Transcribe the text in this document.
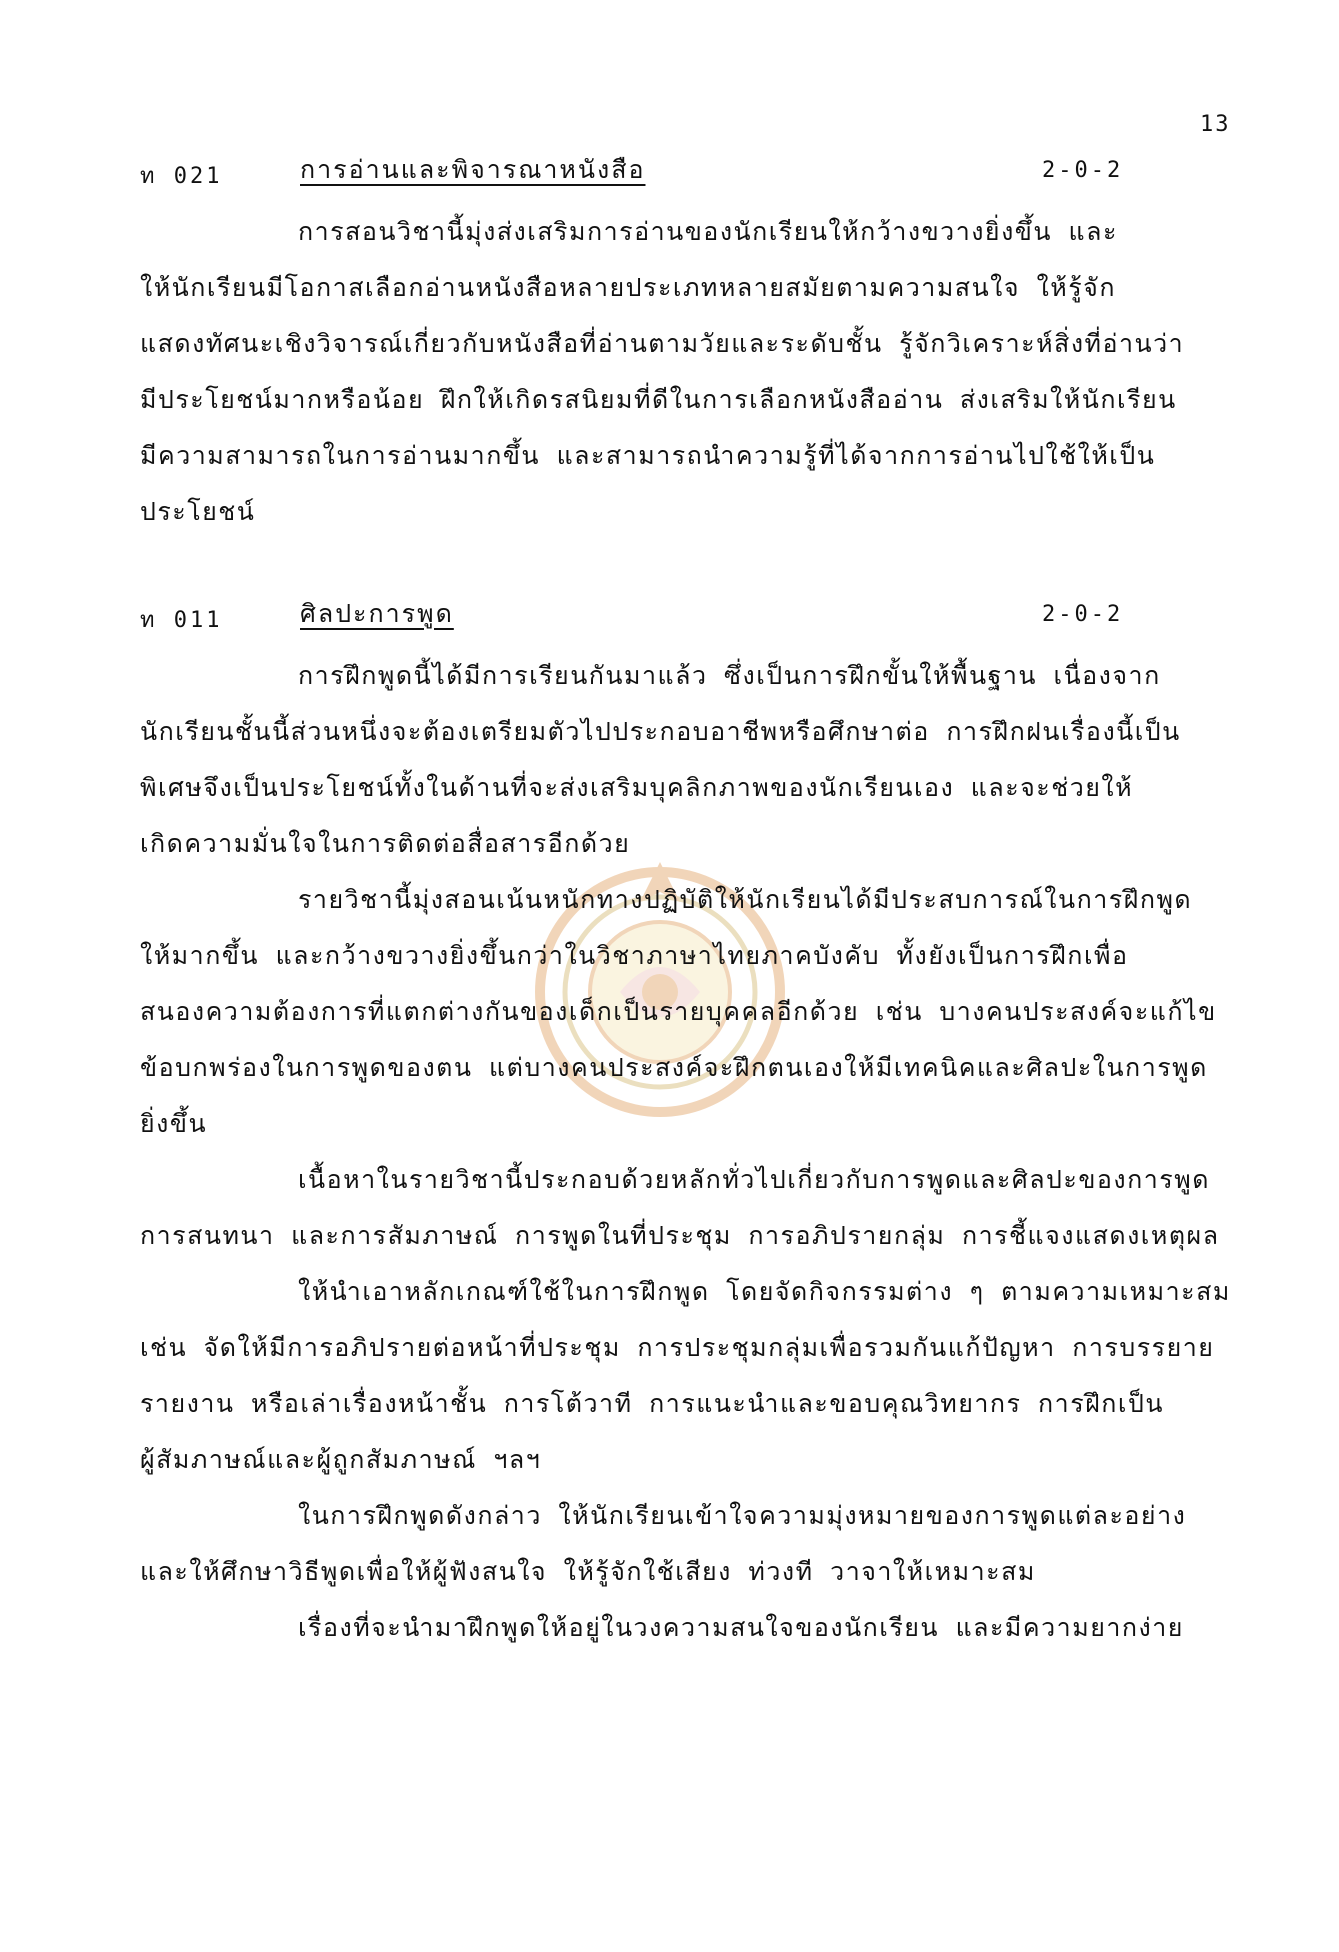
13
ท 021	การอ่านและพิจารณาหนังสือ	2-0-2
การสอนวิชานี้มุ่งส่งเสริมการอ่านของนักเรียนให้กว้างขวางยิ่งขึ้น และ
ให้นักเรียนมีโอกาสเลือกอ่านหนังสือหลายประเภทหลายสมัยตามความสนใจ ให้รู้จัก
แสดงทัศนะเชิงวิจารณ์เกี่ยวกับหนังสือที่อ่านตามวัยและระดับชั้น รู้จักวิเคราะห์สิ่งที่อ่านว่า
มีประโยชน์มากหรือน้อย ฝึกให้เกิดรสนิยมที่ดีในการเลือกหนังสืออ่าน ส่งเสริมให้นักเรียน
มีความสามารถในการอ่านมากขึ้น และสามารถนำความรู้ที่ได้จากการอ่านไปใช้ให้เป็น
ประโยชน์
ท 011	ศิลปะการพูด	2-0-2
การฝึกพูดนี้ได้มีการเรียนกันมาแล้ว ซึ่งเป็นการฝึกขั้นให้พื้นฐาน เนื่องจาก
นักเรียนชั้นนี้ส่วนหนึ่งจะต้องเตรียมตัวไปประกอบอาชีพหรือศึกษาต่อ การฝึกฝนเรื่องนี้เป็น
พิเศษจึงเป็นประโยชน์ทั้งในด้านที่จะส่งเสริมบุคลิกภาพของนักเรียนเอง และจะช่วยให้
เกิดความมั่นใจในการติดต่อสื่อสารอีกด้วย
รายวิชานี้มุ่งสอนเน้นหนักทางปฏิบัติให้นักเรียนได้มีประสบการณ์ในการฝึกพูด
ให้มากขึ้น และกว้างขวางยิ่งขึ้นกว่าในวิชาภาษาไทยภาคบังคับ ทั้งยังเป็นการฝึกเพื่อ
สนองความต้องการที่แตกต่างกันของเด็กเป็นรายบุคคลอีกด้วย เช่น บางคนประสงค์จะแก้ไข
ข้อบกพร่องในการพูดของตน แต่บางคนประสงค์จะฝึกตนเองให้มีเทคนิคและศิลปะในการพูด
ยิ่งขึ้น
เนื้อหาในรายวิชานี้ประกอบด้วยหลักทั่วไปเกี่ยวกับการพูดและศิลปะของการพูด
การสนทนา และการสัมภาษณ์ การพูดในที่ประชุม การอภิปรายกลุ่ม การชี้แจงแสดงเหตุผล
ให้นำเอาหลักเกณฑ์ใช้ในการฝึกพูด โดยจัดกิจกรรมต่าง ๆ ตามความเหมาะสม
เช่น จัดให้มีการอภิปรายต่อหน้าที่ประชุม การประชุมกลุ่มเพื่อรวมกันแก้ปัญหา การบรรยาย
รายงาน หรือเล่าเรื่องหน้าชั้น การโต้วาที การแนะนำและขอบคุณวิทยากร การฝึกเป็น
ผู้สัมภาษณ์และผู้ถูกสัมภาษณ์ ฯลฯ
ในการฝึกพูดดังกล่าว ให้นักเรียนเข้าใจความมุ่งหมายของการพูดแต่ละอย่าง
และให้ศึกษาวิธีพูดเพื่อให้ผู้ฟังสนใจ ให้รู้จักใช้เสียง ท่วงที วาจาให้เหมาะสม
เรื่องที่จะนำมาฝึกพูดให้อยู่ในวงความสนใจของนักเรียน และมีความยากง่าย
